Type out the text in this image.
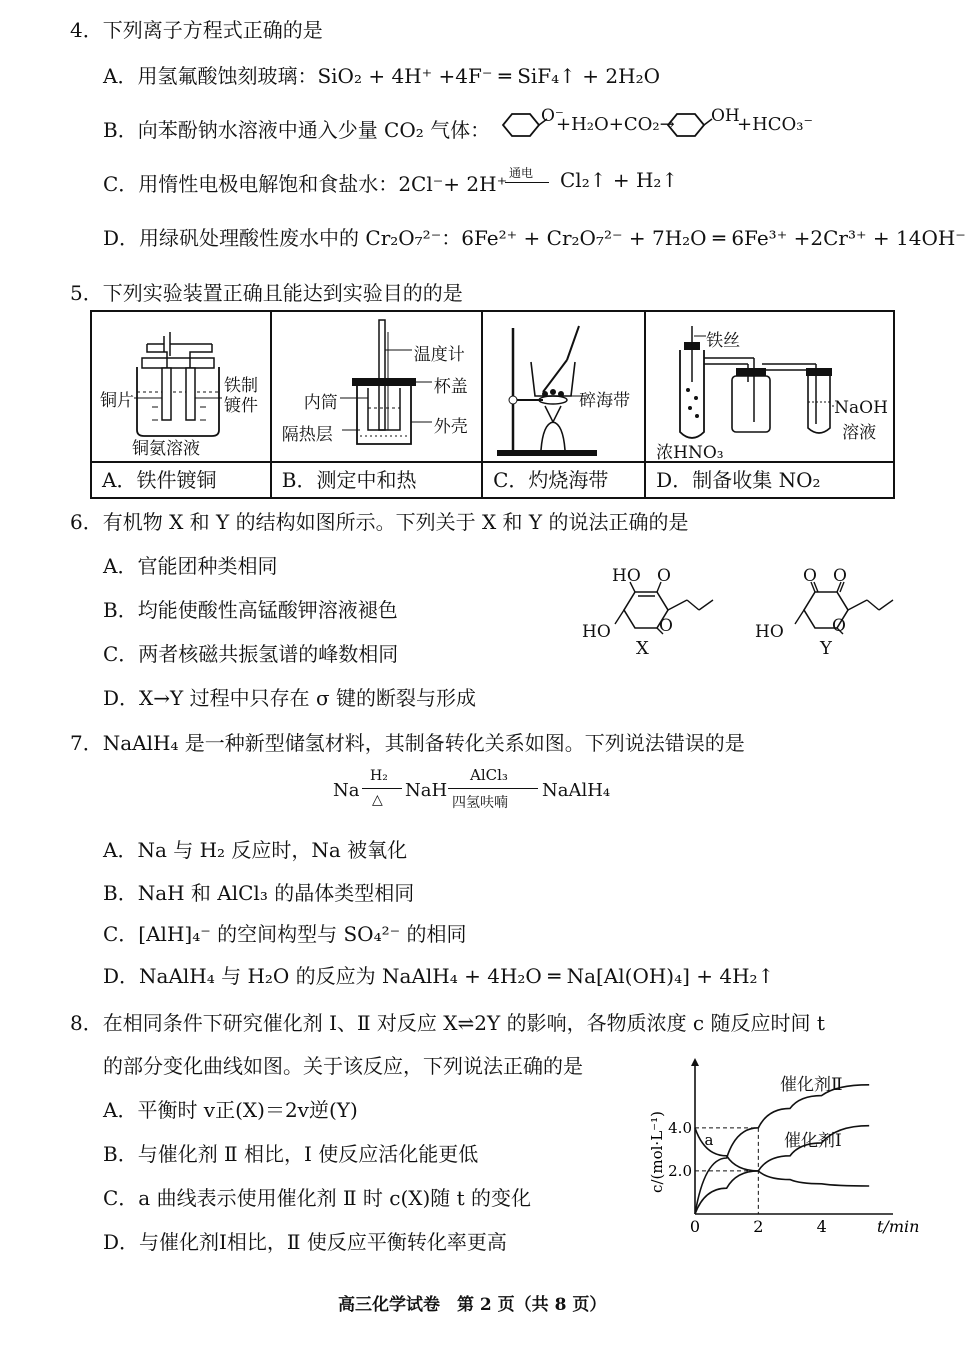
4．下列离子方程式正确的是
A．用氢氟酸蚀刻玻璃：SiO₂ + 4H⁺ +4F⁻ ═ SiF₄↑ + 2H₂O
B．向苯酚钠水溶液中通入少量 CO₂ 气体：
O⁻
+H₂O+CO₂→ OH
+HCO₃⁻
C．用惰性电极电解饱和食盐水：2Cl⁻+ 2H⁺ 通电 Cl₂↑ + H₂↑
D．用绿矾处理酸性废水中的 Cr₂O₇²⁻：6Fe²⁺ + Cr₂O₇²⁻ + 7H₂O ═ 6Fe³⁺ +2Cr³⁺ + 14OH⁻
5．下列实验装置正确且能达到实验目的的是
铜片
铁制镀件
铜氨溶液
A．铁件镀铜

温度计
杯盖
内筒
外壳
隔热层
B．测定中和热

碎海带
C．灼烧海带

铁丝
NaOH
溶液
浓HNO₃
D．制备收集 NO₂
6．有机物 X 和 Y 的结构如图所示。下列关于 X 和 Y 的说法正确的是
A．官能团种类相同
B．均能使酸性高锰酸钾溶液褪色
C．两者核磁共振氢谱的峰数相同
D．X→Y 过程中只存在 σ 键的断裂与形成
HO O
HO	O
X
O O
HO	O
Y
7．NaAlH₄ 是一种新型储氢材料，其制备转化关系如图。下列说法错误的是
Na
H₂
△ NaH
AlCl₃
四氢呋喃
NaAlH₄
A．Na 与 H₂ 反应时，Na 被氧化
B．NaH 和 AlCl₃ 的晶体类型相同
C．[AlH]₄⁻ 的空间构型与 SO₄²⁻ 的相同
D．NaAlH₄ 与 H₂O 的反应为 NaAlH₄ + 4H₂O ═ Na[Al(OH)₄] + 4H₂↑
8．在相同条件下研究催化剂 Ⅰ、Ⅱ 对反应 X⇌2Y 的影响，各物质浓度 c 随反应时间 t
的部分变化曲线如图。关于该反应，下列说法正确的是
A．平衡时 v正(X)＝2v逆(Y)
B．与催化剂 Ⅱ 相比，Ⅰ 使反应活化能更低
C．a 曲线表示使用催化剂 Ⅱ 时 c(X)随 t 的变化
D．与催化剂Ⅰ相比，Ⅱ 使反应平衡转化率更高
0	2	4
2.0
4.0
t/min
c/(mol·L⁻¹)	a
催化剂Ⅱ
催化剂Ⅰ
高三化学试卷　第 2 页（共 8 页）
